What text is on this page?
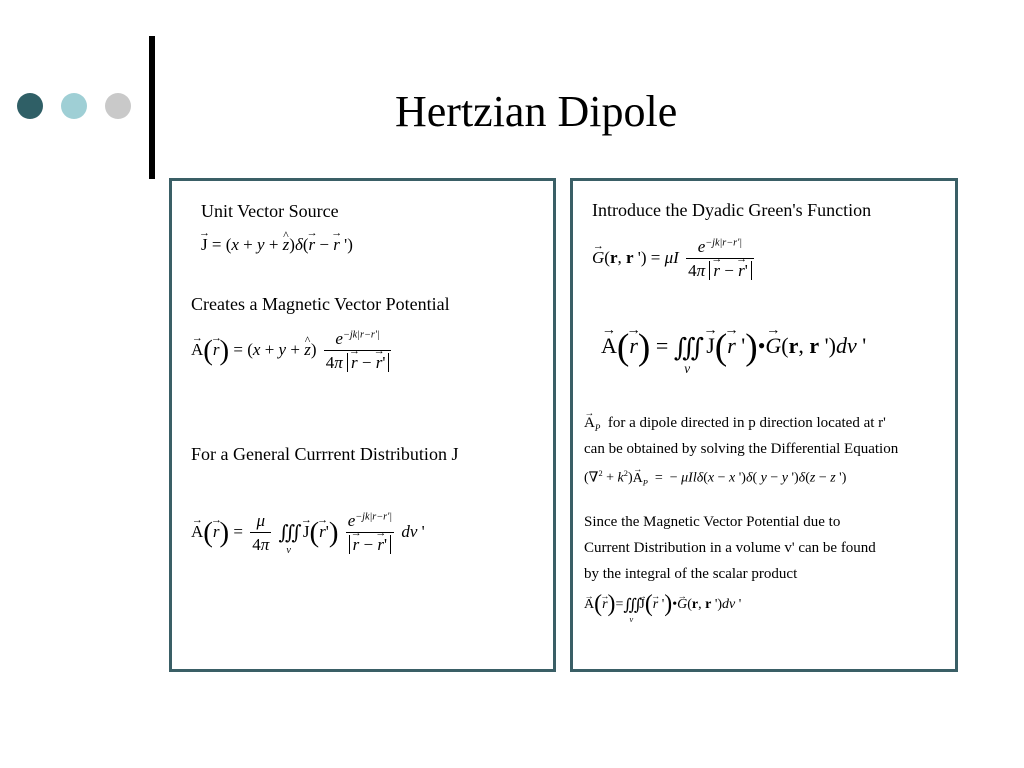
Hertzian Dipole
Unit Vector Source
→ J = (x + y + ^ z)δ(→ r − → r ')
Creates a Magnetic Vector Potential
→ A(→ r) = (x + y + ^ $z) \frac{e^{-jk|r-r'|}}{4\pi \to r - \to r'}$
For a General Currrent Distribution J
→ $A(\to r) = \frac{\mu}{4\pi}$ ∭
v
→ J(→ r') $e^{-jk|r-r'|}$
→ r − → r' dv '
Introduce the Dyadic Green's Function
→ G(r, r ') = μI $\frac{e^{-jk|r-r'|}}{4\pi \to r - \to r'}$
→ A(→ r) = ∭
v
→ J(→ r ')•→ G(r, r ')dv '
→ $A_P$ for a dipole directed in p direction located at r'
can be obtained by solving the Differential Equation
$(\nabla^2 + k^2)\to A_P$  =  − μIlδ(x − x ')δ( y − y ')δ(z − z ')
Since the Magnetic Vector Potential due to
Current Distribution in a volume v' can be found
by the integral of the scalar product
→ A(→ r)=∭
v
→ J(→ r ')•→ G(r, r ')dv '
